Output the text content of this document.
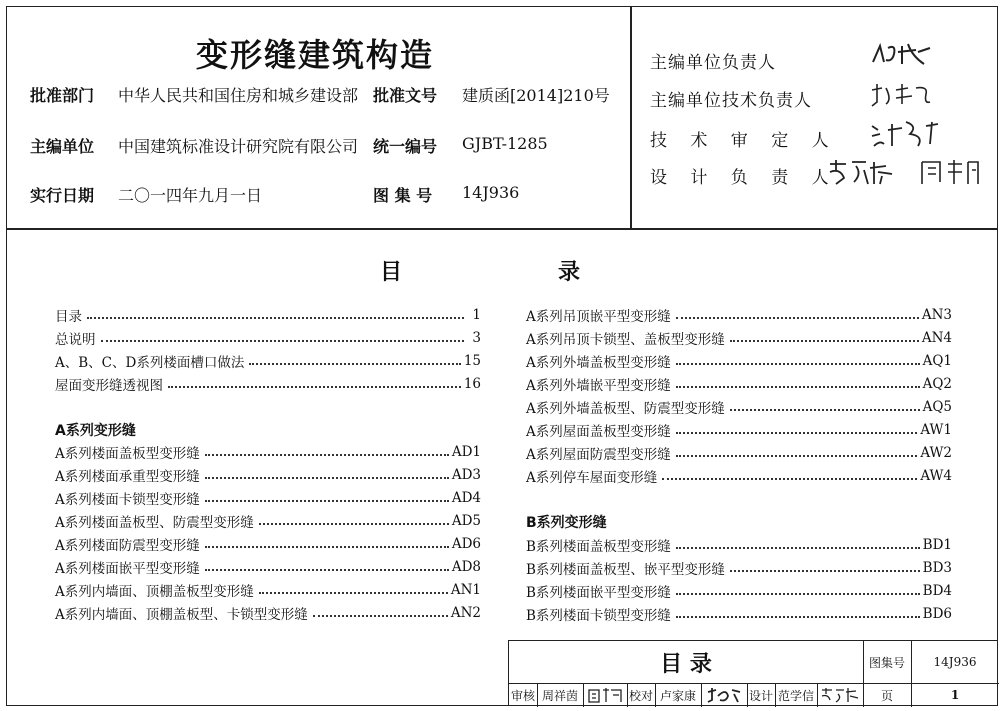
变形缝建筑构造
批准部门 中华人民共和国住房和城乡建设部 批准文号 建质函[2014]210号
主编单位 中国建筑标准设计研究院有限公司 统一编号 GJBT-1285
实行日期 二〇一四年九月一日	图 集 号 14J936
主编单位负责人
主编单位技术负责人
技 术 审 定 人
设 计 负 责 人
目	录
目录	1
总说明	3
A、B、C、D系列楼面槽口做法	15
屋面变形缝透视图	16
A系列变形缝
A系列楼面盖板型变形缝	AD1
A系列楼面承重型变形缝	AD3
A系列楼面卡锁型变形缝	AD4
A系列楼面盖板型、防震型变形缝	AD5
A系列楼面防震型变形缝	AD6
A系列楼面嵌平型变形缝	AD8
A系列内墙面、顶棚盖板型变形缝	AN1
A系列内墙面、顶棚盖板型、卡锁型变形缝	AN2
A系列吊顶嵌平型变形缝	AN3
A系列吊顶卡锁型、盖板型变形缝	AN4
A系列外墙盖板型变形缝	AQ1
A系列外墙嵌平型变形缝	AQ2
A系列外墙盖板型、防震型变形缝	AQ5
A系列屋面盖板型变形缝	AW1
A系列屋面防震型变形缝	AW2
A系列停车屋面变形缝	AW4
B系列变形缝
B系列楼面盖板型变形缝	BD1
B系列楼面盖板型、嵌平型变形缝	BD3
B系列楼面嵌平型变形缝	BD4
B系列楼面卡锁型变形缝	BD6
目 录	图集号	14J936
审核 周祥茵	校对 卢家康	设计 范学信	页	1
